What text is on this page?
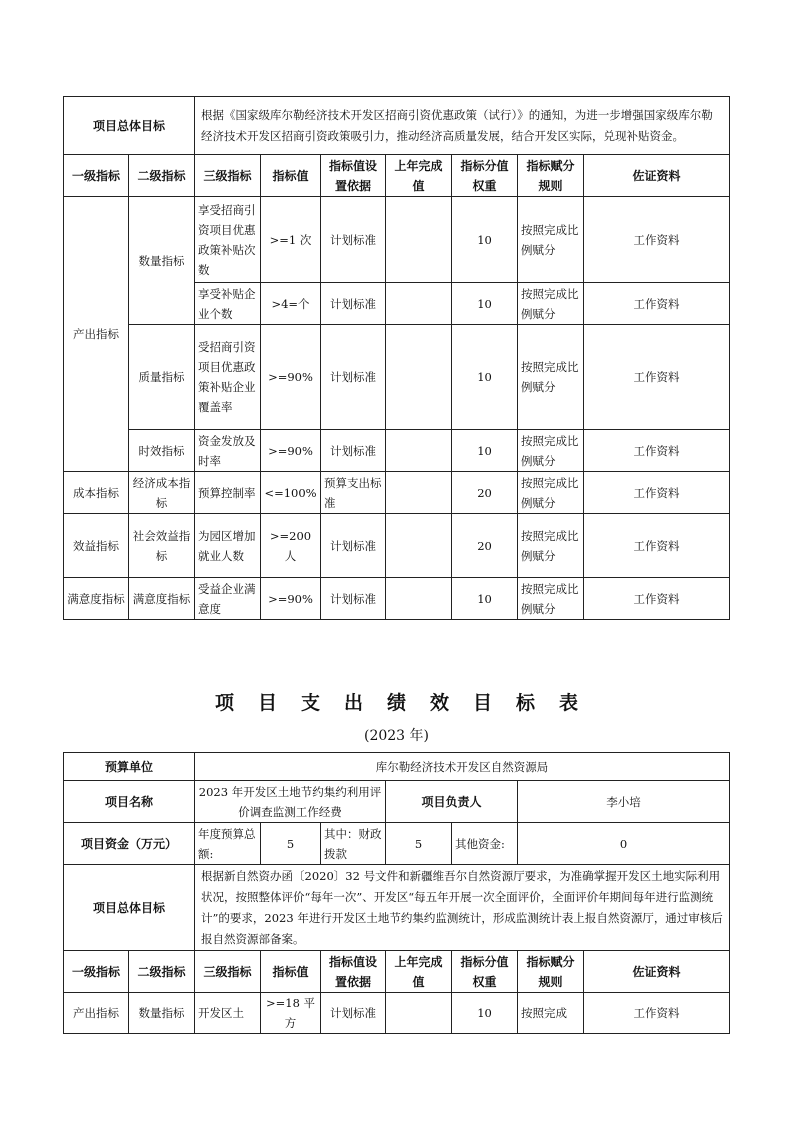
项目总体目标		根据《国家级库尔勒经济技术开发区招商引资优惠政策（试行）》的通知，为进一步增强国家级库尔勒经济技术开发区招商引资政策吸引力，推动经济高质量发展，结合开发区实际，兑现补贴资金。						
一级指标	二级指标	三级指标	指标值	指标值设置依据	上年完成值	指标分值权重	指标赋分规则	佐证资料
产出指标	数量指标	享受招商引资项目优惠政策补贴次数	>=1 次	计划标准		10	按照完成比例赋分	工作资料
		享受补贴企业个数	>4=个	计划标准		10	按照完成比例赋分	工作资料
	质量指标	受招商引资项目优惠政策补贴企业覆盖率	>=90%	计划标准		10	按照完成比例赋分	工作资料
	时效指标	资金发放及时率	>=90%	计划标准		10	按照完成比例赋分	工作资料
成本指标	经济成本指标	预算控制率	<=100%	预算支出标准		20	按照完成比例赋分	工作资料
效益指标	社会效益指标	为园区增加就业人数	>=200 人	计划标准		20	按照完成比例赋分	工作资料
满意度指标	满意度指标	受益企业满意度	>=90%	计划标准		10	按照完成比例赋分	工作资料
项目支出绩效目标表
(2023 年)
预算单位		库尔勒经济技术开发区自然资源局						
项目名称		2023 年开发区土地节约集约利用评价调查监测工作经费			项目负责人		李小培	
项目资金（万元）		年度预算总额:	5	其中：财政拨款	5	其他资金:	0	
项目总体目标		根据新自然资办函〔2020〕32 号文件和新疆维吾尔自然资源厅要求，为准确掌握开发区土地实际利用状况，按照整体评价“每年一次”、开发区“每五年开展一次全面评价，全面评价年期间每年进行监测统计”的要求，2023 年进行开发区土地节约集约监测统计，形成监测统计表上报自然资源厅，通过审核后报自然资源部备案。						
一级指标	二级指标	三级指标	指标值	指标值设置依据	上年完成值	指标分值权重	指标赋分规则	佐证资料
产出指标	数量指标	开发区土	>=18 平方	计划标准		10	按照完成	工作资料
